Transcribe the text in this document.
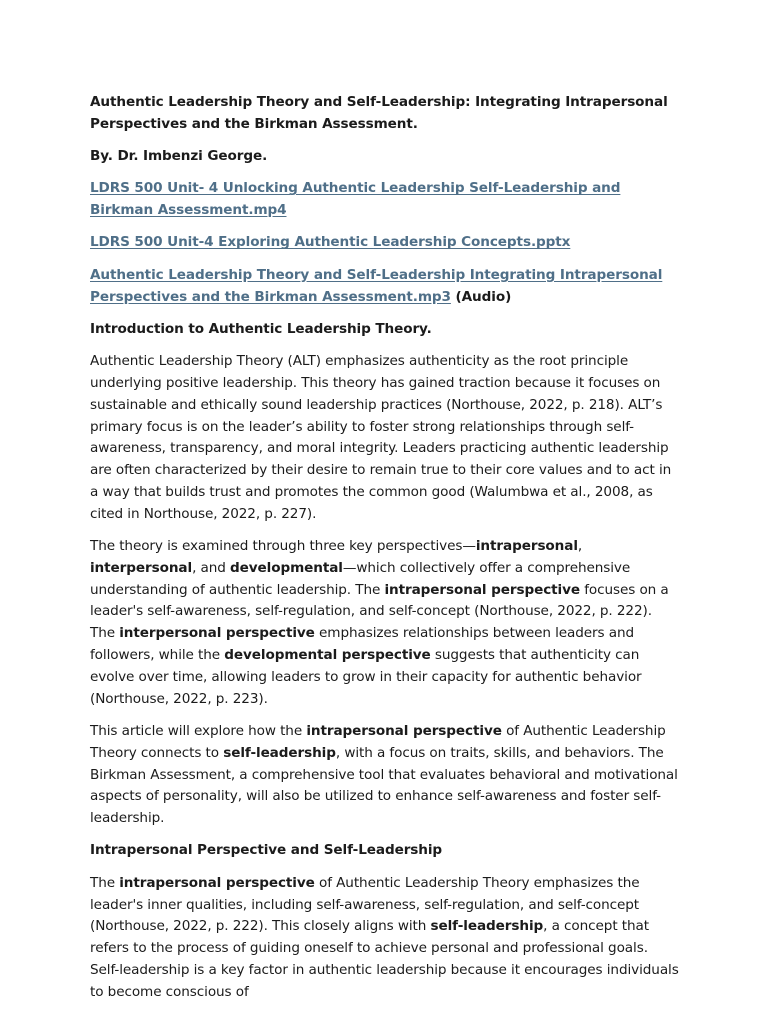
Authentic Leadership Theory and Self-Leadership: Integrating Intrapersonal Perspectives and the Birkman Assessment.

By. Dr. Imbenzi George.

LDRS 500 Unit- 4 Unlocking Authentic Leadership Self-Leadership and Birkman Assessment.mp4

LDRS 500 Unit-4 Exploring Authentic Leadership Concepts.pptx

Authentic Leadership Theory and Self-Leadership Integrating Intrapersonal Perspectives and the Birkman Assessment.mp3 (Audio)

Introduction to Authentic Leadership Theory.

Authentic Leadership Theory (ALT) emphasizes authenticity as the root principle underlying positive leadership. This theory has gained traction because it focuses on sustainable and ethically sound leadership practices (Northouse, 2022, p. 218). ALT’s primary focus is on the leader’s ability to foster strong relationships through self-awareness, transparency, and moral integrity. Leaders practicing authentic leadership are often characterized by their desire to remain true to their core values and to act in a way that builds trust and promotes the common good (Walumbwa et al., 2008, as cited in Northouse, 2022, p. 227).

The theory is examined through three key perspectives—intrapersonal, interpersonal, and developmental—which collectively offer a comprehensive understanding of authentic leadership. The intrapersonal perspective focuses on a leader's self-awareness, self-regulation, and self-concept (Northouse, 2022, p. 222). The interpersonal perspective emphasizes relationships between leaders and followers, while the developmental perspective suggests that authenticity can evolve over time, allowing leaders to grow in their capacity for authentic behavior (Northouse, 2022, p. 223).

This article will explore how the intrapersonal perspective of Authentic Leadership Theory connects to self-leadership, with a focus on traits, skills, and behaviors. The Birkman Assessment, a comprehensive tool that evaluates behavioral and motivational aspects of personality, will also be utilized to enhance self-awareness and foster self-leadership.

Intrapersonal Perspective and Self-Leadership

The intrapersonal perspective of Authentic Leadership Theory emphasizes the leader's inner qualities, including self-awareness, self-regulation, and self-concept (Northouse, 2022, p. 222). This closely aligns with self-leadership, a concept that refers to the process of guiding oneself to achieve personal and professional goals. Self-leadership is a key factor in authentic leadership because it encourages individuals to become conscious of
